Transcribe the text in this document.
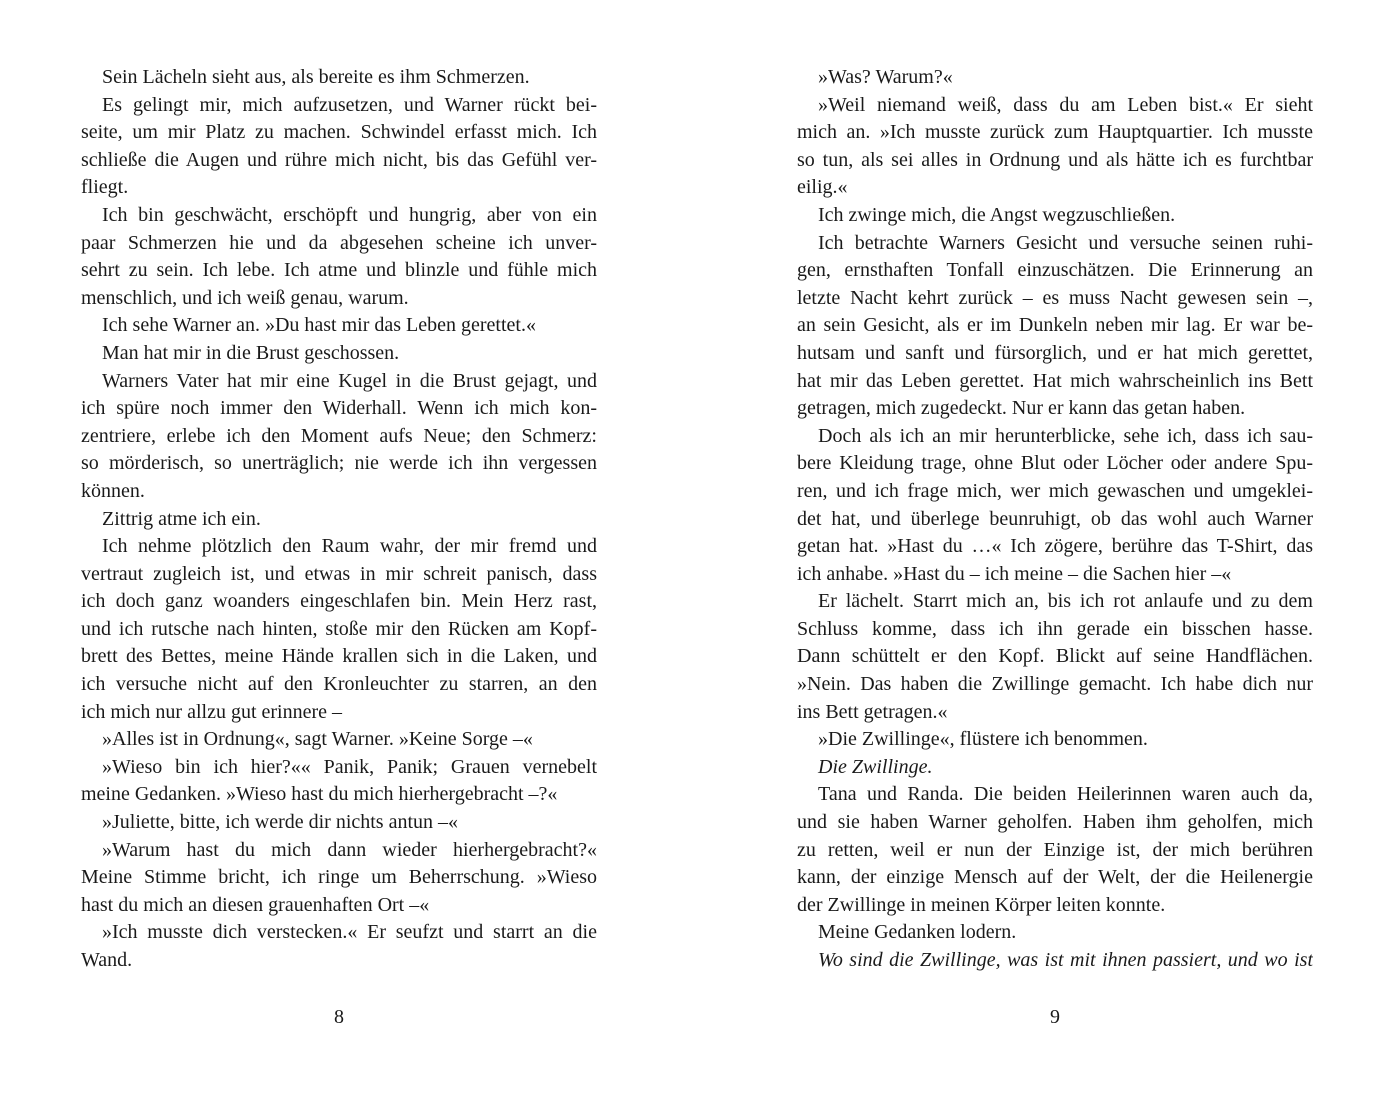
Sein Lächeln sieht aus, als bereite es ihm Schmerzen.
Es gelingt mir, mich aufzusetzen, und Warner rückt bei-
seite, um mir Platz zu machen. Schwindel erfasst mich. Ich
schließe die Augen und rühre mich nicht, bis das Gefühl ver-
fliegt.
Ich bin geschwächt, erschöpft und hungrig, aber von ein
paar Schmerzen hie und da abgesehen scheine ich unver-
sehrt zu sein. Ich lebe. Ich atme und blinzle und fühle mich
menschlich, und ich weiß genau, warum.
Ich sehe Warner an. »Du hast mir das Leben gerettet.«
Man hat mir in die Brust geschossen.
Warners Vater hat mir eine Kugel in die Brust gejagt, und
ich spüre noch immer den Widerhall. Wenn ich mich kon-
zentriere, erlebe ich den Moment aufs Neue; den Schmerz:
so mörderisch, so unerträglich; nie werde ich ihn vergessen
können.
Zittrig atme ich ein.
Ich nehme plötzlich den Raum wahr, der mir fremd und
vertraut zugleich ist, und etwas in mir schreit panisch, dass
ich doch ganz woanders eingeschlafen bin. Mein Herz rast,
und ich rutsche nach hinten, stoße mir den Rücken am Kopf-
brett des Bettes, meine Hände krallen sich in die Laken, und
ich versuche nicht auf den Kronleuchter zu starren, an den
ich mich nur allzu gut erinnere –
»Alles ist in Ordnung«, sagt Warner. »Keine Sorge –«
»Wieso bin ich hier?«« Panik, Panik; Grauen vernebelt
meine Gedanken. »Wieso hast du mich hierhergebracht –?«
»Juliette, bitte, ich werde dir nichts antun –«
»Warum hast du mich dann wieder hierhergebracht?«
Meine Stimme bricht, ich ringe um Beherrschung. »Wieso
hast du mich an diesen grauenhaften Ort –«
»Ich musste dich verstecken.« Er seufzt und starrt an die
Wand.
8
»Was? Warum?«
»Weil niemand weiß, dass du am Leben bist.« Er sieht
mich an. »Ich musste zurück zum Hauptquartier. Ich musste
so tun, als sei alles in Ordnung und als hätte ich es furchtbar
eilig.«
Ich zwinge mich, die Angst wegzuschließen.
Ich betrachte Warners Gesicht und versuche seinen ruhi-
gen, ernsthaften Tonfall einzuschätzen. Die Erinnerung an
letzte Nacht kehrt zurück – es muss Nacht gewesen sein –,
an sein Gesicht, als er im Dunkeln neben mir lag. Er war be-
hutsam und sanft und fürsorglich, und er hat mich gerettet,
hat mir das Leben gerettet. Hat mich wahrscheinlich ins Bett
getragen, mich zugedeckt. Nur er kann das getan haben.
Doch als ich an mir herunterblicke, sehe ich, dass ich sau-
bere Kleidung trage, ohne Blut oder Löcher oder andere Spu-
ren, und ich frage mich, wer mich gewaschen und umgeklei-
det hat, und überlege beunruhigt, ob das wohl auch Warner
getan hat. »Hast du …« Ich zögere, berühre das T-Shirt, das
ich anhabe. »Hast du – ich meine – die Sachen hier –«
Er lächelt. Starrt mich an, bis ich rot anlaufe und zu dem
Schluss komme, dass ich ihn gerade ein bisschen hasse.
Dann schüttelt er den Kopf. Blickt auf seine Handflächen.
»Nein. Das haben die Zwillinge gemacht. Ich habe dich nur
ins Bett getragen.«
»Die Zwillinge«, flüstere ich benommen.
Die Zwillinge.
Tana und Randa. Die beiden Heilerinnen waren auch da,
und sie haben Warner geholfen. Haben ihm geholfen, mich
zu retten, weil er nun der Einzige ist, der mich berühren
kann, der einzige Mensch auf der Welt, der die Heilenergie
der Zwillinge in meinen Körper leiten konnte.
Meine Gedanken lodern.
Wo sind die Zwillinge, was ist mit ihnen passiert, und wo ist
9
